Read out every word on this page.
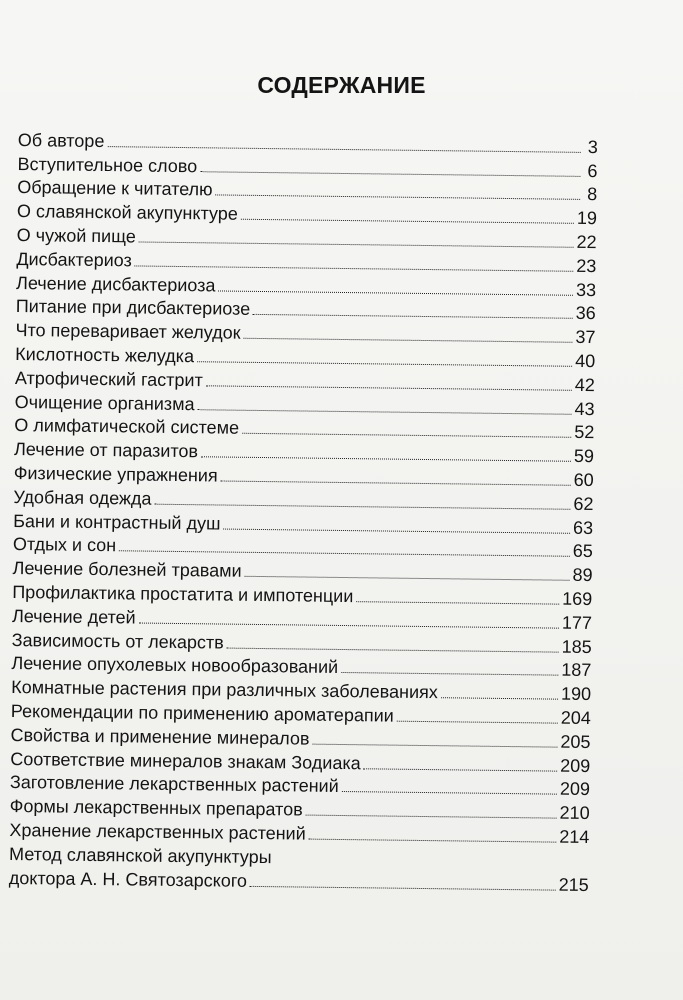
СОДЕРЖАНИЕ
Об авторе	3
Вступительное слово	6
Обращение к читателю	8
О славянской акупунктуре	19
О чужой пище	22
Дисбактериоз	23
Лечение дисбактериоза	33
Питание при дисбактериозе	36
Что переваривает желудок	37
Кислотность желудка	40
Атрофический гастрит	42
Очищение организма	43
О лимфатической системе	52
Лечение от паразитов	59
Физические упражнения	60
Удобная одежда	62
Бани и контрастный душ	63
Отдых и сон	65
Лечение болезней травами	89
Профилактика простатита и импотенции	169
Лечение детей	177
Зависимость от лекарств	185
Лечение опухолевых новообразований	187
Комнатные растения при различных заболеваниях	190
Рекомендации по применению ароматерапии	204
Свойства и применение минералов	205
Соответствие минералов знакам Зодиака	209
Заготовление лекарственных растений	209
Формы лекарственных препаратов	210
Хранение лекарственных растений	214
Метод славянской акупунктуры
доктора А. Н. Святозарского	215
